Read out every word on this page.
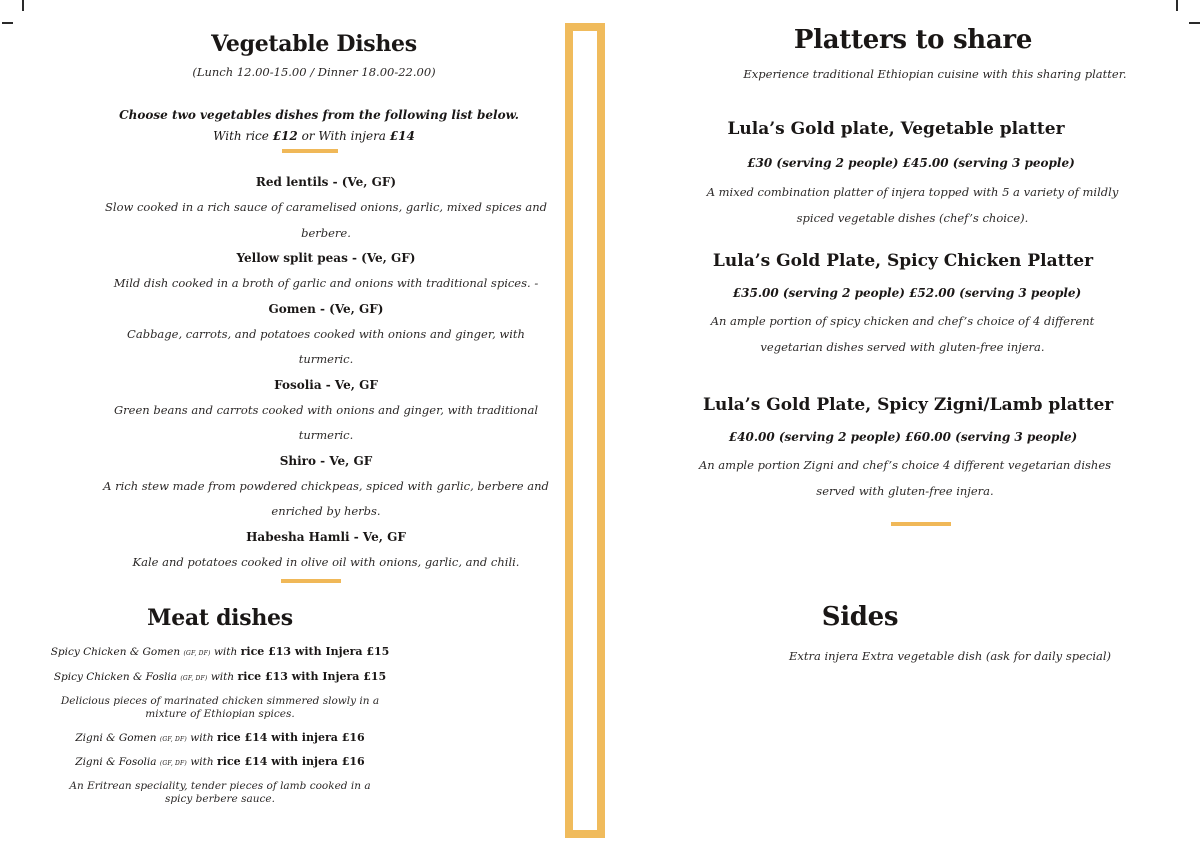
Vegetable Dishes
(Lunch 12.00-15.00 / Dinner 18.00-22.00)
Choose two vegetables dishes from the following list below.
With rice £12 or With injera £14
Red lentils - (Ve, GF)
Slow cooked in a rich sauce of caramelised onions, garlic, mixed spices and berbere.
Yellow split peas - (Ve, GF)
Mild dish cooked in a broth of garlic and onions with traditional spices. -
Gomen - (Ve, GF)
Cabbage, carrots, and potatoes cooked with onions and ginger, with turmeric.
Fosolia - Ve, GF
Green beans and carrots cooked with onions and ginger, with traditional turmeric.
Shiro - Ve, GF
A rich stew made from powdered chickpeas, spiced with garlic, berbere and enriched by herbs.
Habesha Hamli - Ve, GF
Kale and potatoes cooked in olive oil with onions, garlic, and chili.
Meat dishes
Spicy Chicken & Gomen (GF, DF) with rice £13 with Injera £15
Spicy Chicken & Foslia (GF, DF) with rice £13 with Injera £15
Delicious pieces of marinated chicken simmered slowly in a mixture of Ethiopian spices.
Zigni & Gomen (GF, DF) with rice £14 with injera £16
Zigni & Fosolia (GF, DF) with rice £14 with injera £16
An Eritrean speciality, tender pieces of lamb cooked in a spicy berbere sauce.
Platters to share
Experience traditional Ethiopian cuisine with this sharing platter.
Lula’s Gold plate, Vegetable platter
£30 (serving 2 people) £45.00 (serving 3 people)
A mixed combination platter of injera topped with 5 a variety of mildly
spiced vegetable dishes (chef’s choice).
Lula’s Gold Plate, Spicy Chicken Platter
£35.00 (serving 2 people) £52.00 (serving 3 people)
An ample portion of spicy chicken and chef’s choice of 4 different
vegetarian dishes served with gluten-free injera.
Lula’s Gold Plate, Spicy Zigni/Lamb platter
£40.00 (serving 2 people) £60.00 (serving 3 people)
An ample portion Zigni and chef’s choice 4 different vegetarian dishes
served with gluten-free injera.
Sides
Extra injera Extra vegetable dish (ask for daily special)
